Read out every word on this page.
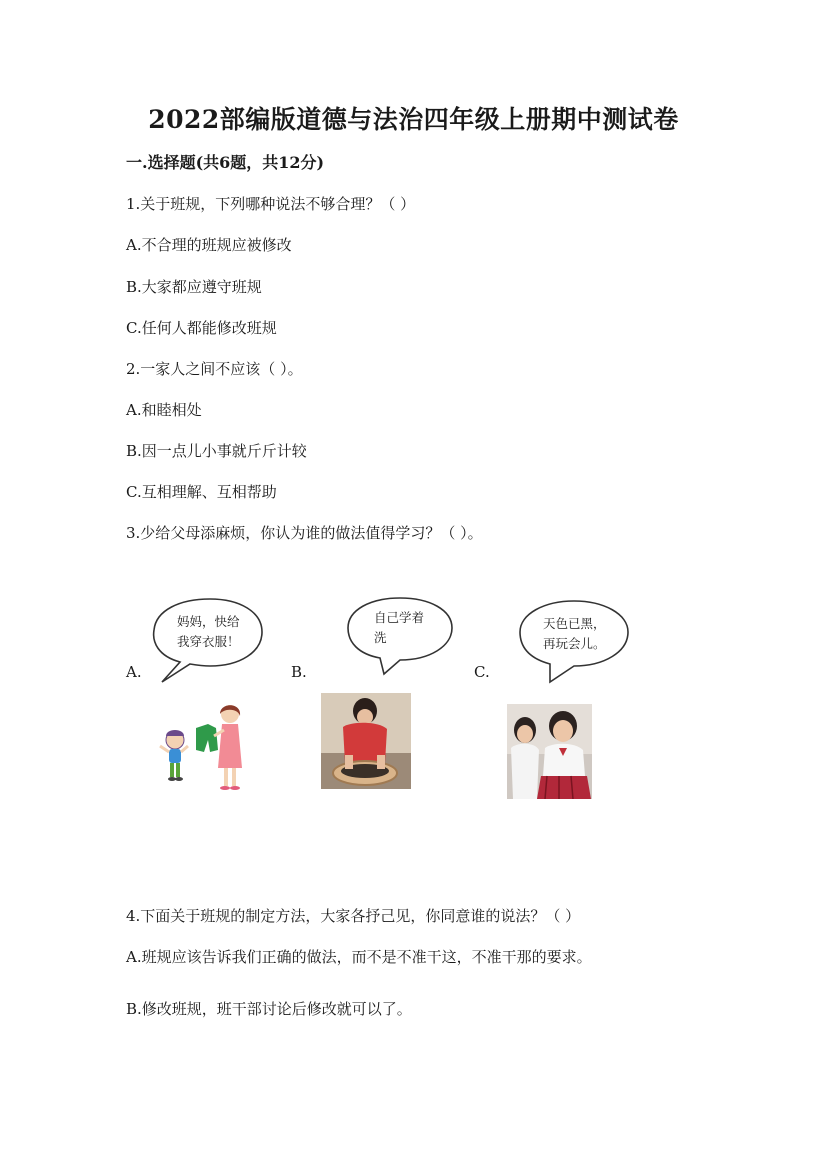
2022部编版道德与法治四年级上册期中测试卷
一.选择题(共6题，共12分)
1.关于班规，下列哪种说法不够合理？（ ）
A.不合理的班规应被修改
B.大家都应遵守班规
C.任何人都能修改班规
2.一家人之间不应该（ ）。
A.和睦相处
B.因一点儿小事就斤斤计较
C.互相理解、互相帮助
3.少给父母添麻烦，你认为谁的做法值得学习？（ ）。
A.	B.	C.
妈妈，快给
我穿衣服！
自己学着
洗
天色已黑，
再玩会儿。
4.下面关于班规的制定方法，大家各抒己见，你同意谁的说法？（ ）
A.班规应该告诉我们正确的做法，而不是不准干这，不准干那的要求。
B.修改班规，班干部讨论后修改就可以了。
